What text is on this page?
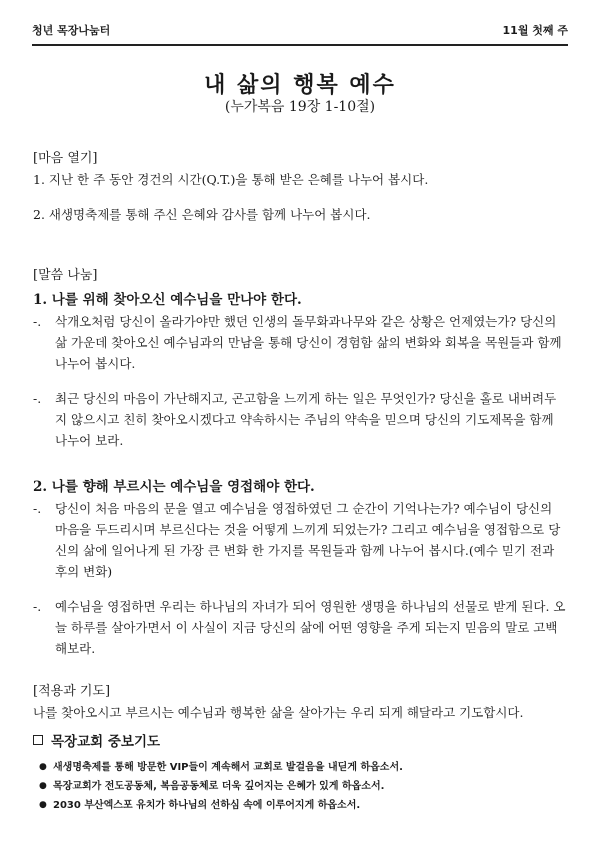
청년 목장나눔터	11월 첫째 주
내 삶의 행복 예수
(누가복음 19장 1-10절)
[마음 열기]

1. 지난 한 주 동안 경건의 시간(Q.T.)을 통해 받은 은혜를 나누어 봅시다.

2. 새생명축제를 통해 주신 은혜와 감사를 함께 나누어 봅시다.

[말씀 나눔]
1. 나를 위해 찾아오신 예수님을 만나야 한다.
-.	삭개오처럼 당신이 올라가야만 했던 인생의 돌무화과나무와 같은 상황은 언제였는가? 당신의 삶 가운데 찾아오신 예수님과의 만남을 통해 당신이 경험함 삶의 변화와 회복을 목원들과 함께 나누어 봅시다.
-.	최근 당신의 마음이 가난해지고, 곤고함을 느끼게 하는 일은 무엇인가? 당신을 홀로 내버려두지 않으시고 친히 찾아오시겠다고 약속하시는 주님의 약속을 믿으며 당신의 기도제목을 함께 나누어 보라.
2. 나를 향해 부르시는 예수님을 영접해야 한다.
-.	당신이 처음 마음의 문을 열고 예수님을 영접하였던 그 순간이 기억나는가? 예수님이 당신의 마음을 두드리시며 부르신다는 것을 어떻게 느끼게 되었는가? 그리고 예수님을 영접함으로 당신의 삶에 일어나게 된 가장 큰 변화 한 가지를 목원들과 함께 나누어 봅시다.(예수 믿기 전과 후의 변화)
-.	예수님을 영접하면 우리는 하나님의 자녀가 되어 영원한 생명을 하나님의 선물로 받게 된다. 오늘 하루를 살아가면서 이 사실이 지금 당신의 삶에 어떤 영향을 주게 되는지 믿음의 말로 고백해보라.
[적용과 기도]

나를 찾아오시고 부르시는 예수님과 행복한 삶을 살아가는 우리 되게 해달라고 기도합시다.

목장교회 중보기도
● 새생명축제를 통해 방문한 VIP들이 계속해서 교회로 발걸음을 내딛게 하옵소서.
● 목장교회가 전도공동체, 복음공동체로 더욱 깊어지는 은혜가 있게 하옵소서.
● 2030 부산엑스포 유치가 하나님의 선하심 속에 이루어지게 하옵소서.
